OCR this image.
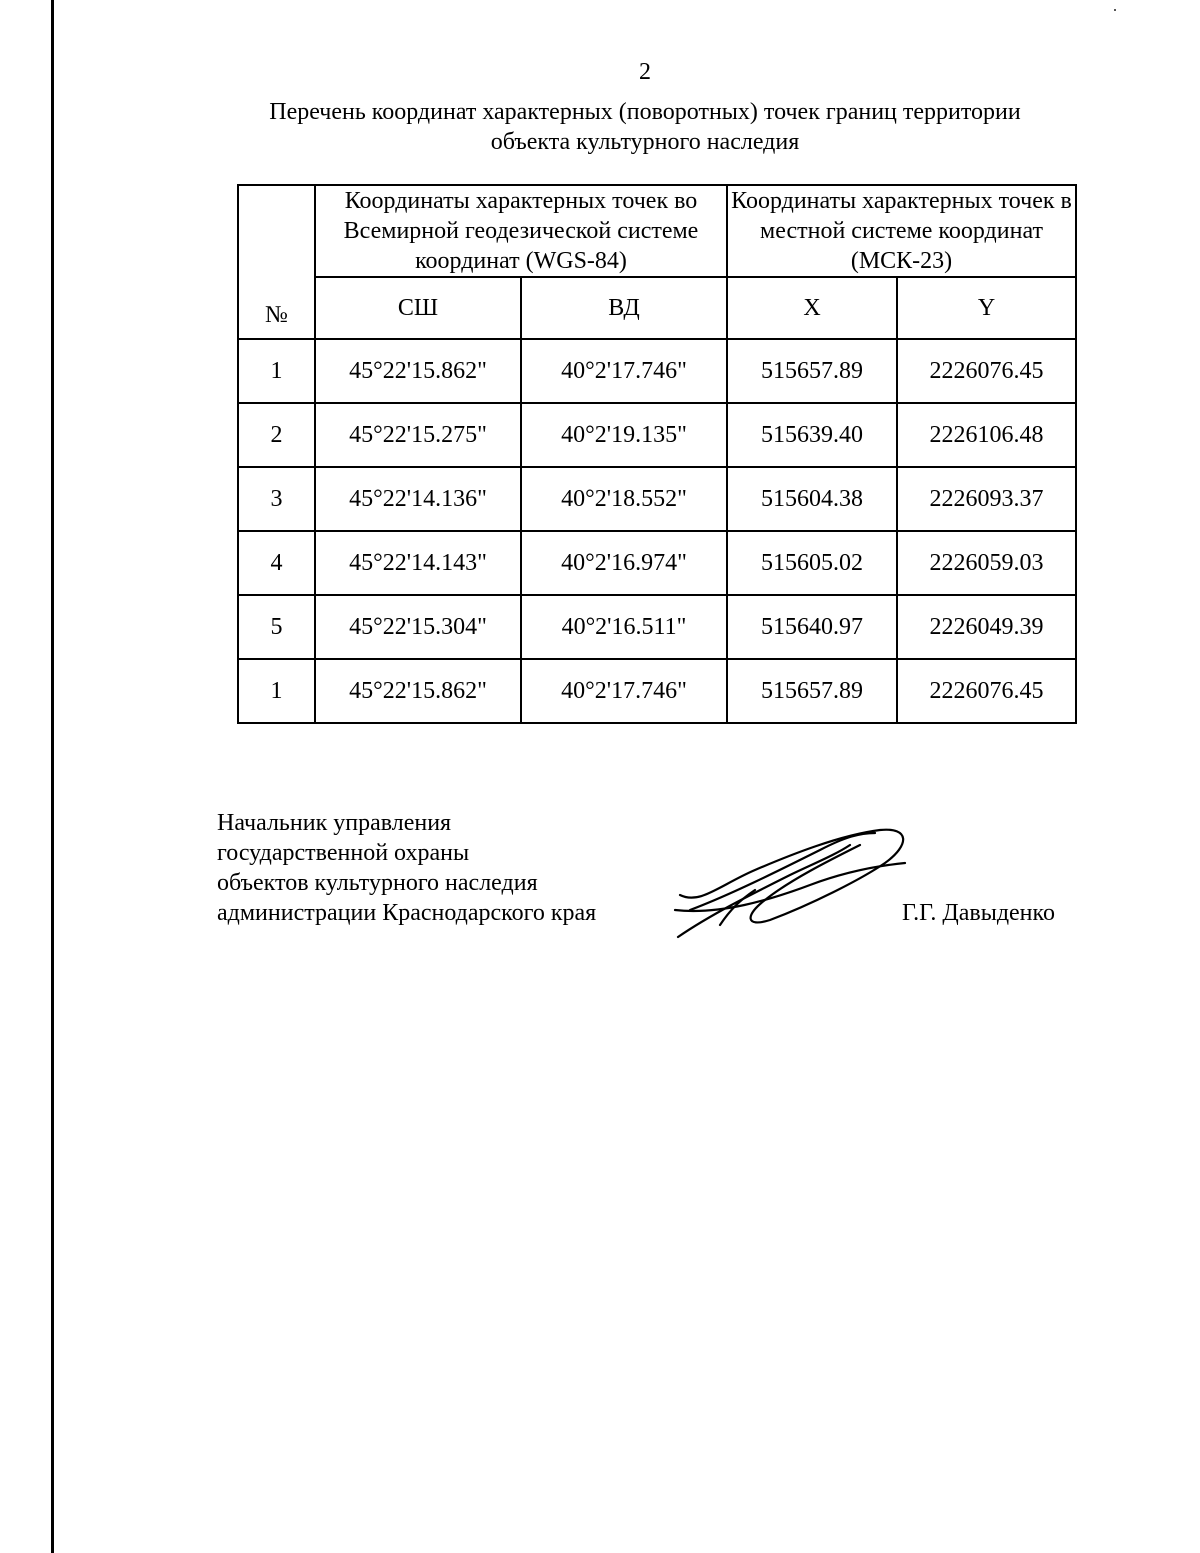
2
Перечень координат характерных (поворотных) точек границ территории
объекта культурного наследия
№	Координаты характерных точек во Всемирной геодезической системе координат (WGS-84)		Координаты характерных точек в местной системе координат (МСК-23)	
	СШ	ВД	X	Y
1	45°22'15.862"	40°2'17.746"	515657.89	2226076.45
2	45°22'15.275"	40°2'19.135"	515639.40	2226106.48
3	45°22'14.136"	40°2'18.552"	515604.38	2226093.37
4	45°22'14.143"	40°2'16.974"	515605.02	2226059.03
5	45°22'15.304"	40°2'16.511"	515640.97	2226049.39
1	45°22'15.862"	40°2'17.746"	515657.89	2226076.45
Начальник управления
государственной охраны
объектов культурного наследия
администрации Краснодарского края	Г.Г. Давыденко
